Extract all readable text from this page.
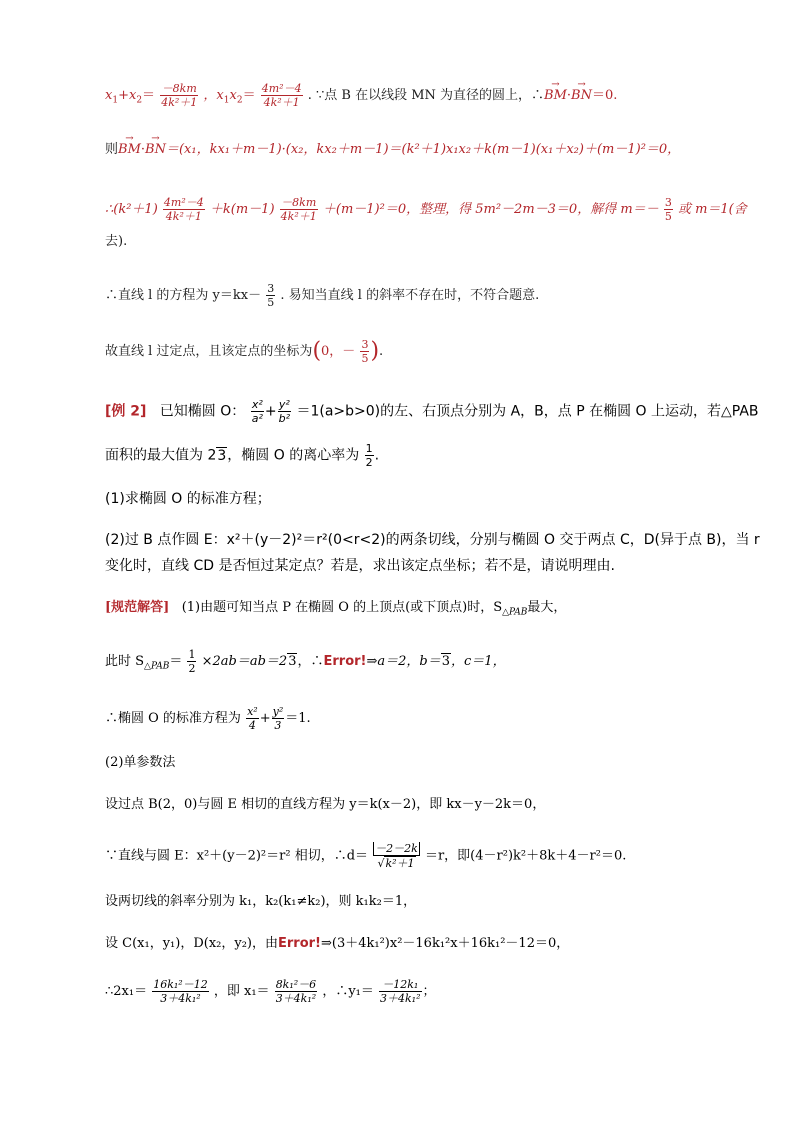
$x_1+x_2= \frac{-8km}{\text{4k²＋1}}$ ，$x_1x_2= \frac{\text{4m²－4}}{\text{4k²＋1}}$ . ∵点 B 在以线段 MN 为直径的圆上，∴→ BM·→ BN＝0.
则→ BM·→ BN＝(x₁，kx₁＋m－1)·(x₂，kx₂＋m－1)＝(k²＋1)x₁x₂＋k(m－1)(x₁＋x₂)＋(m－1)²＝0，
∴(k²＋1) $\frac{\text{4m²－4}}{\text{4k²＋1}} +k(m-1) \frac{-8km}{\text{4k²＋1}} +(m-1)^2=0$，整理，得 5m²－2m－3＝0，解得 $m=- \frac{3}{5}$ 或 m＝1(舍
去).
∴直线 l 的方程为 $y=kx- \frac{3}{5}$ . 易知当直线 l 的斜率不存在时，不符合题意.
故直线 l 过定点，且该定点的坐标为(0，－ $\frac{3}{5}$ ).
[例 2] 已知椭圆 O： $\frac{\text{x²}}{\text{a²}} + \frac{\text{y²}}{\text{b²}} =1(a>b>0)$的左、右顶点分别为 A，B，点 P 在椭圆 O 上运动，若△PAB
面积的最大值为 23，椭圆 O 的离心率为 $\frac{1}{2}$ .
(1)求椭圆 O 的标准方程；
(2)过 B 点作圆 E：x²＋(y－2)²＝r²(0<r<2)的两条切线，分别与椭圆 O 交于两点 C，D(异于点 B)，当 r
变化时，直线 CD 是否恒过某定点？若是，求出该定点坐标；若不是，请说明理由.
[规范解答] (1)由题可知当点 P 在椭圆 O 的上顶点(或下顶点)时，$S_{\triangle PAB}$最大，
此时 $S_{\triangle PAB}= \frac{1}{2} \times 2ab=ab=23$，∴Error!⇒a＝2，b＝3，c＝1，
∴椭圆 O 的标准方程为 $\frac{\text{x²}}{4} + \frac{\text{y²}}{3} =1$.
(2)单参数法
设过点 B(2，0)与圆 E 相切的直线方程为 y＝k(x－2)，即 kx－y－2k＝0，
∵直线与圆 E：x²＋(y－2)²＝r² 相切，∴d＝ $\frac{-2-2k}{\text{√k²＋1}} =r$，即(4－r²)k²＋8k＋4－r²＝0.
设两切线的斜率分别为 k₁，k₂(k₁≠k₂)，则 k₁k₂＝1，
设 C(x₁，y₁)，D(x₂，y₂)，由Error!⇒(3＋4k₁²)x²－16k₁²x＋16k₁²－12＝0，
∴2x₁＝ $\frac{\text{16k₁²－12}}{\text{3＋4k₁²}}$ ，即 $x_1= \frac{\text{8k₁²－6}}{\text{3＋4k₁²}}$ ，∴y₁＝ $\frac{\text{－12k₁}}{\text{3＋4k₁²}}$ ；
